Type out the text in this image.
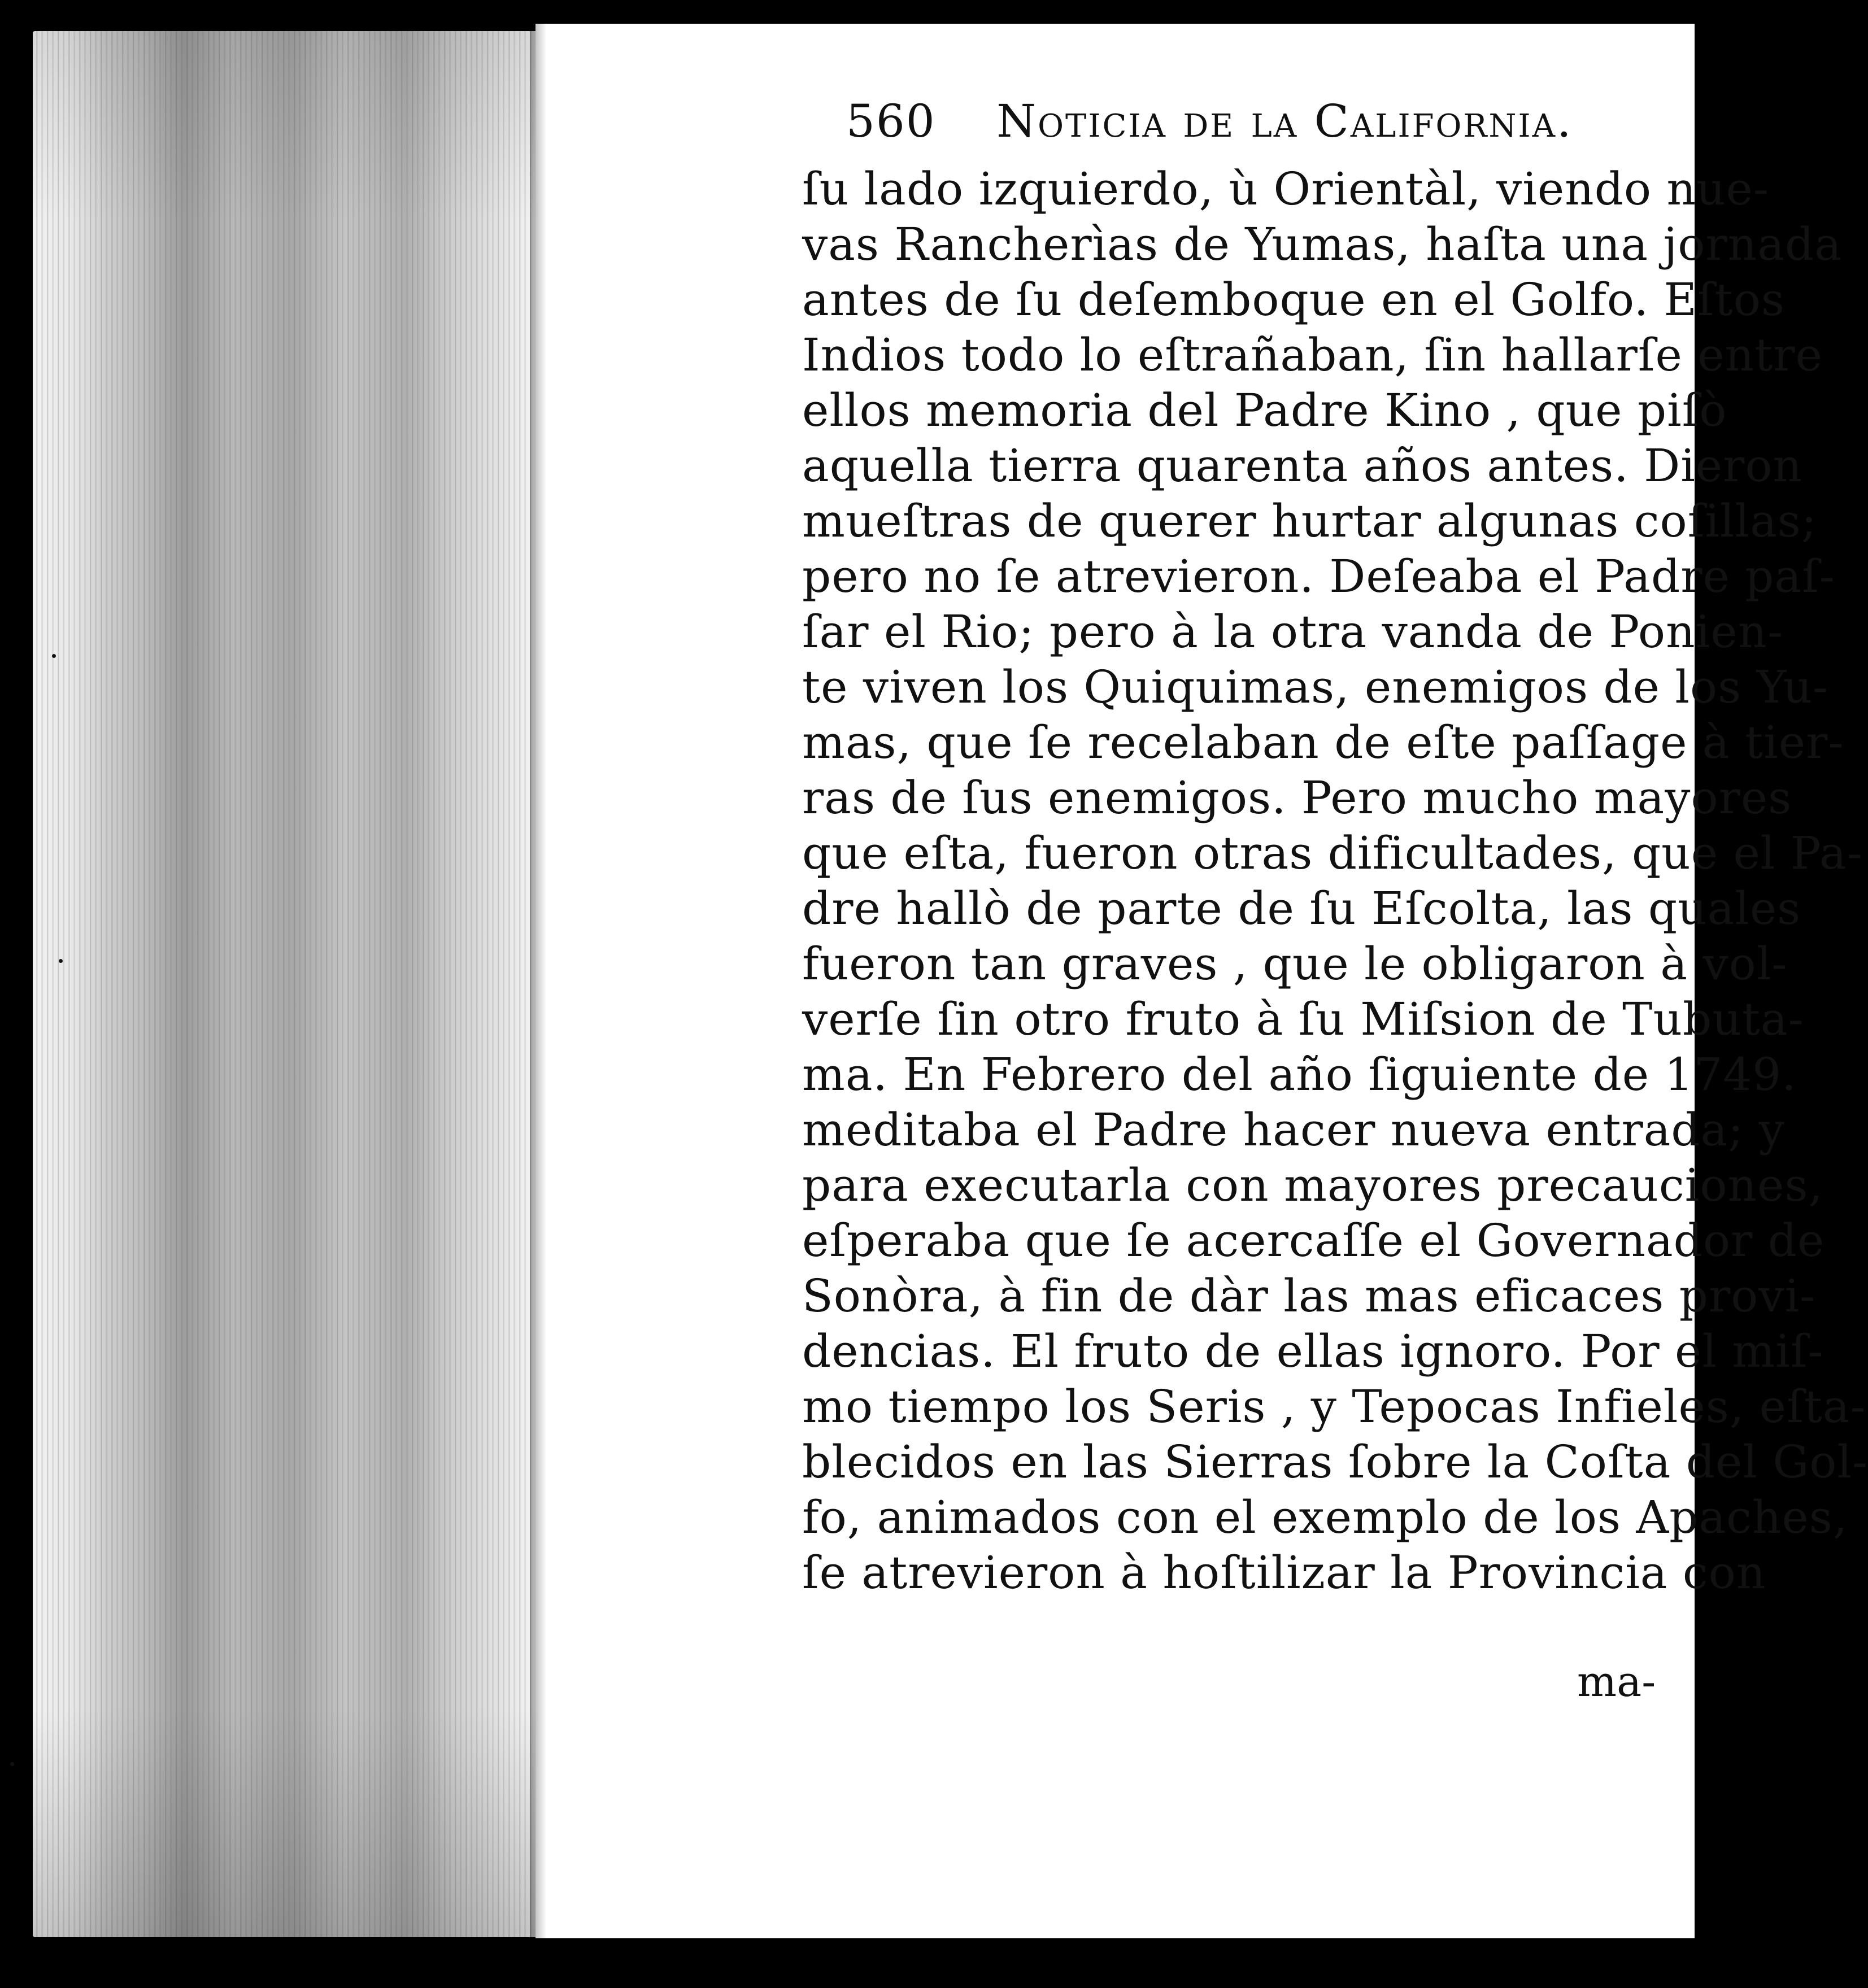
560 Noticia de la California.
ſu lado izquierdo, ù Orientàl, viendo nue-
vas Rancherìas de Yumas, haſta una jornada
antes de ſu deſemboque en el Golfo. Eſtos
Indios todo lo eſtrañaban, ſin hallarſe entre
ellos memoria del Padre Kino , que piſò
aquella tierra quarenta años antes. Dieron
mueſtras de querer hurtar algunas coſillas;
pero no ſe atrevieron. Deſeaba el Padre paſ-
ſar el Rio; pero à la otra vanda de Ponien-
te viven los Quiquimas, enemigos de los Yu-
mas, que ſe recelaban de eſte paſſage à tier-
ras de ſus enemigos. Pero mucho mayores
que eſta, fueron otras dificultades, que el Pa-
dre hallò de parte de ſu Eſcolta, las quales
fueron tan graves , que le obligaron à vol-
verſe ſin otro fruto à ſu Miſsion de Tubuta-
ma. En Febrero del año ſiguiente de 1749.
meditaba el Padre hacer nueva entrada; y
para executarla con mayores precauciones,
eſperaba que ſe acercaſſe el Governador de
Sonòra, à fin de dàr las mas eficaces provi-
dencias. El fruto de ellas ignoro. Por el miſ-
mo tiempo los Seris , y Tepocas Infieles, eſta-
blecidos en las Sierras ſobre la Coſta del Gol-
fo, animados con el exemplo de los Apaches,
ſe atrevieron à hoſtilizar la Provincia con
ma-
